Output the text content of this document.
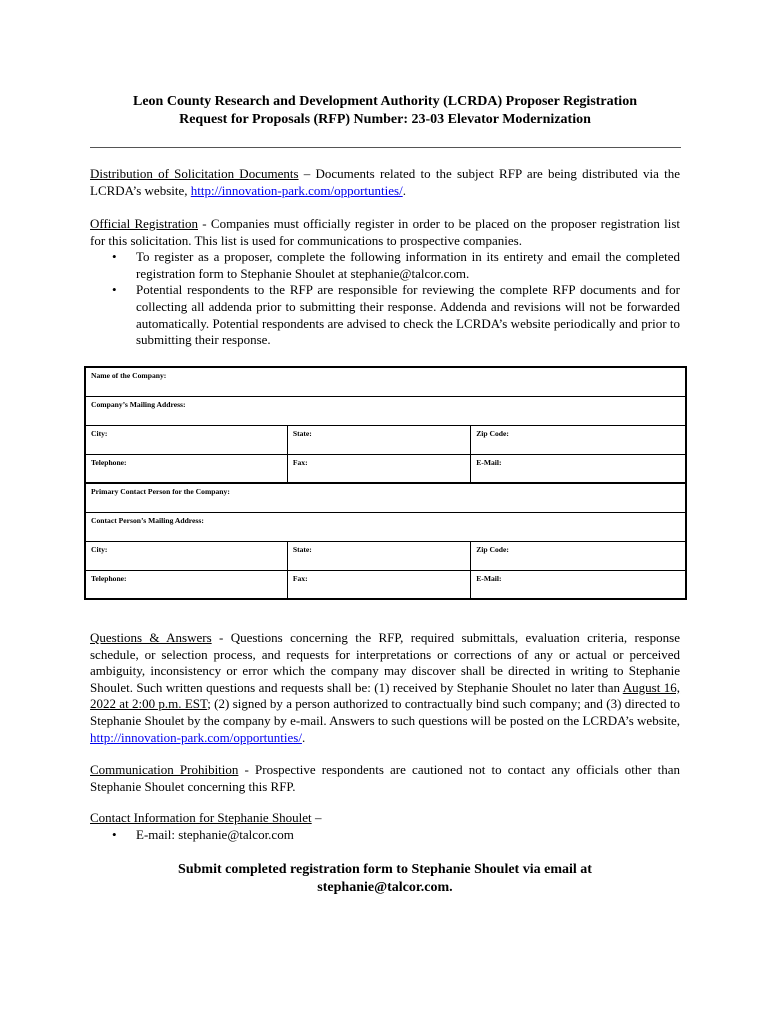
Leon County Research and Development Authority (LCRDA) Proposer Registration
Request for Proposals (RFP) Number: 23-03 Elevator Modernization
Distribution of Solicitation Documents – Documents related to the subject RFP are being distributed via the LCRDA’s website, http://innovation-park.com/opportunties/.
Official Registration - Companies must officially register in order to be placed on the proposer registration list for this solicitation. This list is used for communications to prospective companies.
• To register as a proposer, complete the following information in its entirety and email the completed registration form to Stephanie Shoulet at stephanie@talcor.com.
• Potential respondents to the RFP are responsible for reviewing the complete RFP documents and for collecting all addenda prior to submitting their response. Addenda and revisions will not be forwarded automatically. Potential respondents are advised to check the LCRDA’s website periodically and prior to submitting their response.
Name of the Company:		
Company’s Mailing Address:		
City:	State:	Zip Code:
Telephone:	Fax:	E-Mail:
Primary Contact Person for the Company:		
Contact Person’s Mailing Address:		
City:	State:	Zip Code:
Telephone:	Fax:	E-Mail:
Questions & Answers - Questions concerning the RFP, required submittals, evaluation criteria, response schedule, or selection process, and requests for interpretations or corrections of any or actual or perceived ambiguity, inconsistency or error which the company may discover shall be directed in writing to Stephanie Shoulet. Such written questions and requests shall be: (1) received by Stephanie Shoulet no later than August 16, 2022 at 2:00 p.m. EST; (2) signed by a person authorized to contractually bind such company; and (3) directed to Stephanie Shoulet by the company by e-mail. Answers to such questions will be posted on the LCRDA’s website, http://innovation-park.com/opportunties/.
Communication Prohibition - Prospective respondents are cautioned not to contact any officials other than Stephanie Shoulet concerning this RFP.
Contact Information for Stephanie Shoulet –
• E-mail: stephanie@talcor.com
Submit completed registration form to Stephanie Shoulet via email at
stephanie@talcor.com.
